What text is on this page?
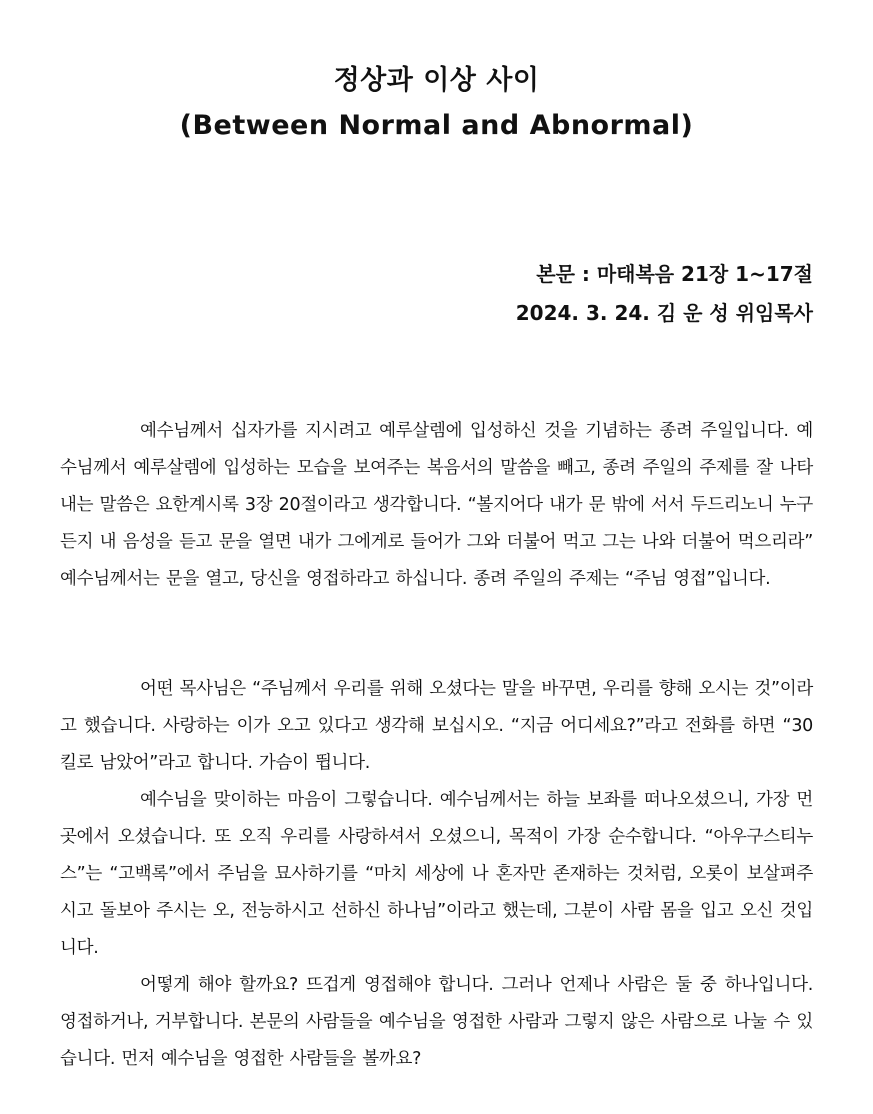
정상과 이상 사이
(Between Normal and Abnormal)
본문 : 마태복음 21장 1~17절
2024. 3. 24. 김 운 성 위임목사

예수님께서 십자가를 지시려고 예루살렘에 입성하신 것을 기념하는 종려 주일입니다. 예수님께서 예루살렘에 입성하는 모습을 보여주는 복음서의 말씀을 빼고, 종려 주일의 주제를 잘 나타내는 말씀은 요한계시록 3장 20절이라고 생각합니다. “볼지어다 내가 문 밖에 서서 두드리노니 누구든지 내 음성을 듣고 문을 열면 내가 그에게로 들어가 그와 더불어 먹고 그는 나와 더불어 먹으리라” 예수님께서는 문을 열고, 당신을 영접하라고 하십니다. 종려 주일의 주제는 “주님 영접”입니다.

어떤 목사님은 “주님께서 우리를 위해 오셨다는 말을 바꾸면, 우리를 향해 오시는 것”이라고 했습니다. 사랑하는 이가 오고 있다고 생각해 보십시오. “지금 어디세요?”라고 전화를 하면 “30킬로 남았어”라고 합니다. 가슴이 뜁니다.

예수님을 맞이하는 마음이 그렇습니다. 예수님께서는 하늘 보좌를 떠나오셨으니, 가장 먼 곳에서 오셨습니다. 또 오직 우리를 사랑하셔서 오셨으니, 목적이 가장 순수합니다. “아우구스티누스”는 “고백록”에서 주님을 묘사하기를 “마치 세상에 나 혼자만 존재하는 것처럼, 오롯이 보살펴주시고 돌보아 주시는 오, 전능하시고 선하신 하나님”이라고 했는데, 그분이 사람 몸을 입고 오신 것입니다.

어떻게 해야 할까요? 뜨겁게 영접해야 합니다. 그러나 언제나 사람은 둘 중 하나입니다. 영접하거나, 거부합니다. 본문의 사람들을 예수님을 영접한 사람과 그렇지 않은 사람으로 나눌 수 있습니다. 먼저 예수님을 영접한 사람들을 볼까요?
